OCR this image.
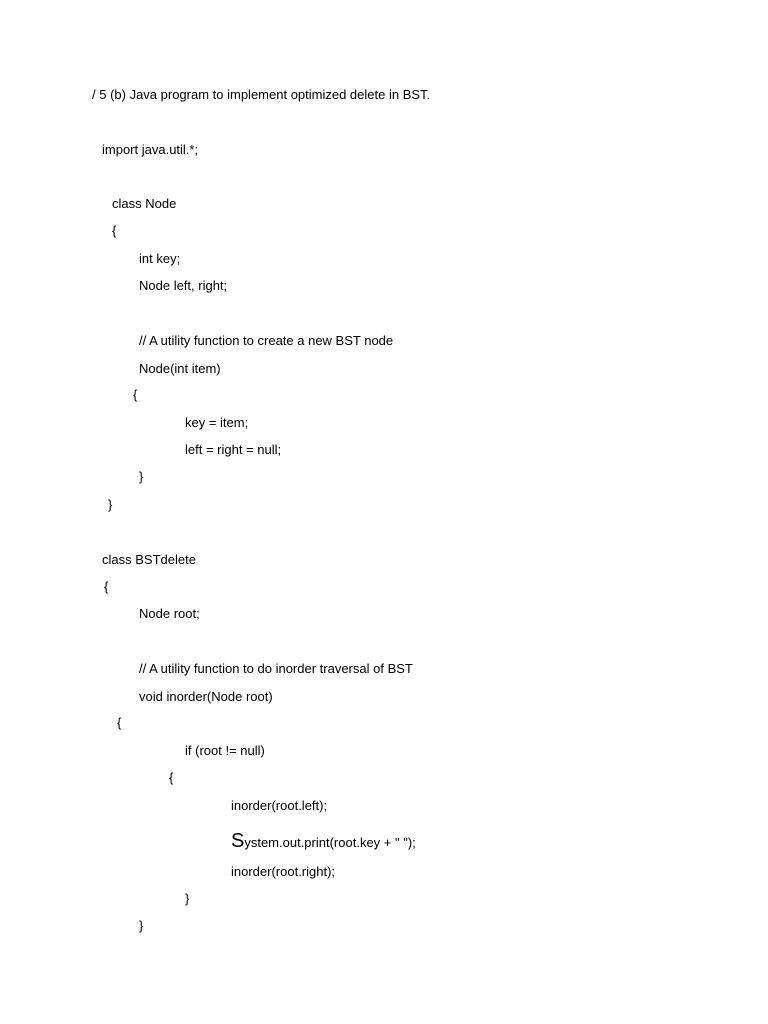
/ 5 (b) Java program to implement optimized delete in BST.

import java.util.*;

class Node

{

int key;

Node left, right;

// A utility function to create a new BST node

Node(int item)

{

key = item;

left = right = null;

}

}

class BSTdelete

{

Node root;

// A utility function to do inorder traversal of BST

void inorder(Node root)

{

if (root != null)

{

inorder(root.left);

System.out.print(root.key + " ");

inorder(root.right);

}

}
